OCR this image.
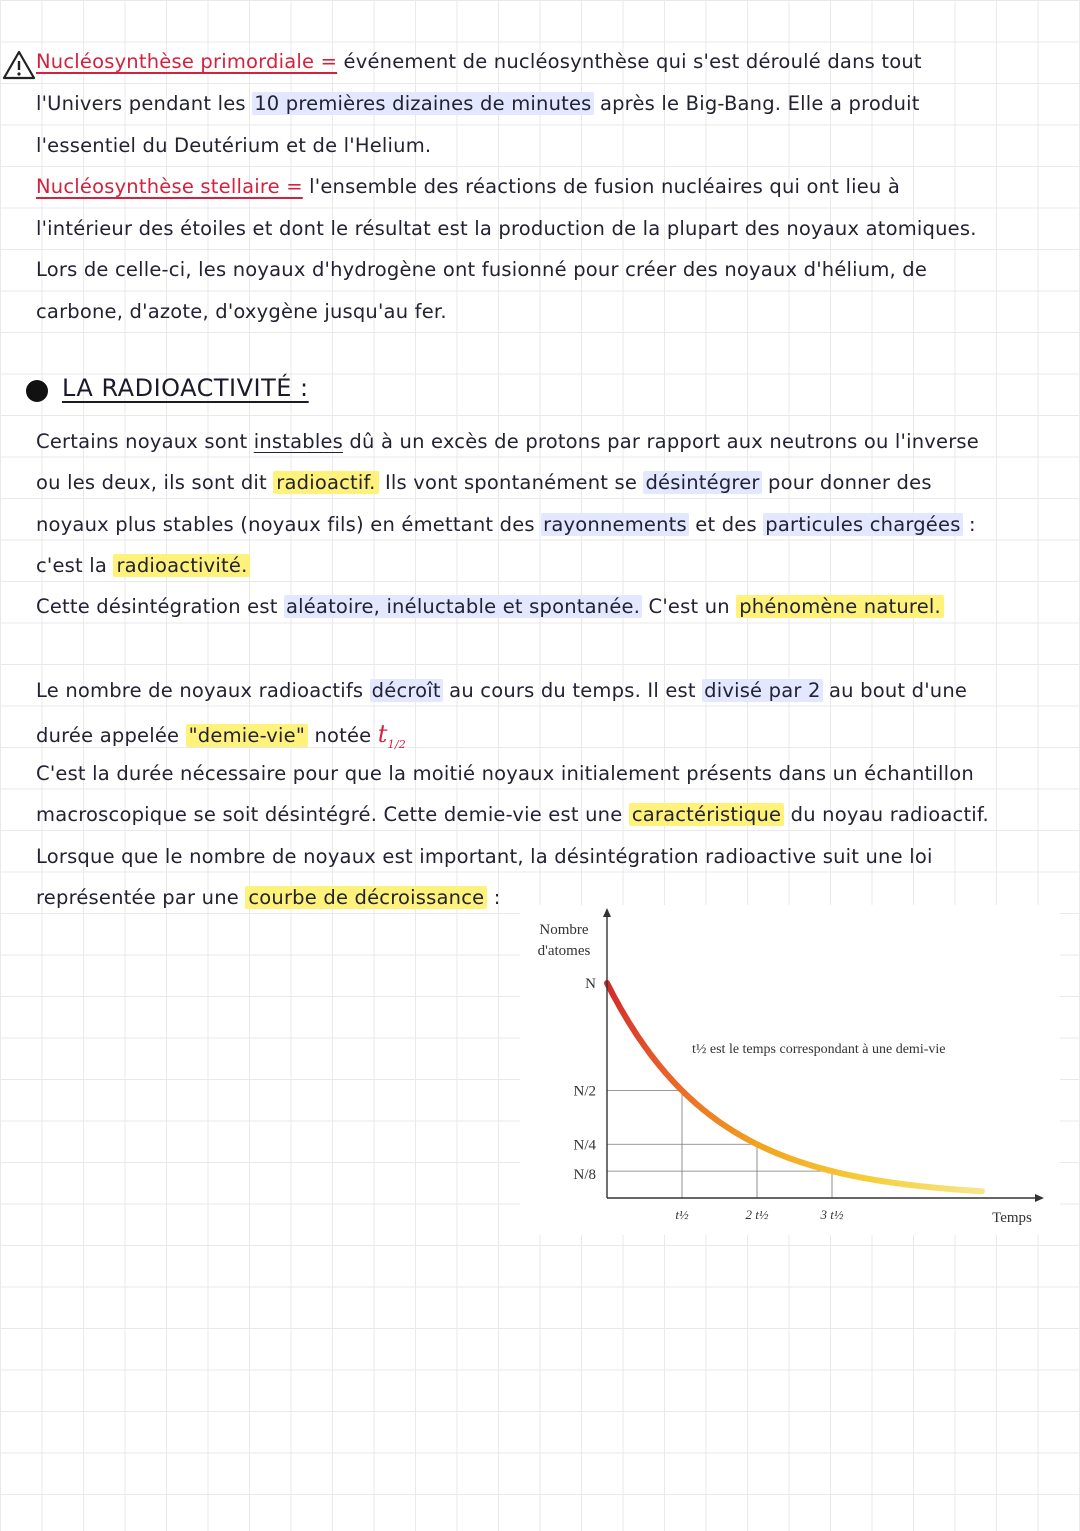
Nucléosynthèse primordiale = événement de nucléosynthèse qui s'est déroulé dans tout
l'Univers pendant les 10 premières dizaines de minutes après le Big-Bang. Elle a produit
l'essentiel du Deutérium et de l'Helium.
Nucléosynthèse stellaire = l'ensemble des réactions de fusion nucléaires qui ont lieu à
l'intérieur des étoiles et dont le résultat est la production de la plupart des noyaux atomiques.
Lors de celle-ci, les noyaux d'hydrogène ont fusionné pour créer des noyaux d'hélium, de
carbone, d'azote, d'oxygène jusqu'au fer.
LA RADIOACTIVITÉ :
Certains noyaux sont instables dû à un excès de protons par rapport aux neutrons ou l'inverse
ou les deux, ils sont dit radioactif. Ils vont spontanément se désintégrer pour donner des
noyaux plus stables (noyaux fils) en émettant des rayonnements et des particules chargées :
c'est la radioactivité.
Cette désintégration est aléatoire, inéluctable et spontanée. C'est un phénomène naturel.
Le nombre de noyaux radioactifs décroît au cours du temps. Il est divisé par 2 au bout d'une
durée appelée "demie-vie" notée $t_{1/2}$
C'est la durée nécessaire pour que la moitié noyaux initialement présents dans un échantillon
macroscopique se soit désintégré. Cette demie-vie est une caractéristique du noyau radioactif.
Lorsque que le nombre de noyaux est important, la désintégration radioactive suit une loi
représentée par une courbe de décroissance :
Nombre
d'atomes
Temps
t½ est le temps correspondant à une demi-vie
N
N/2
N/4
N/8
t½	2 t½	3 t½
